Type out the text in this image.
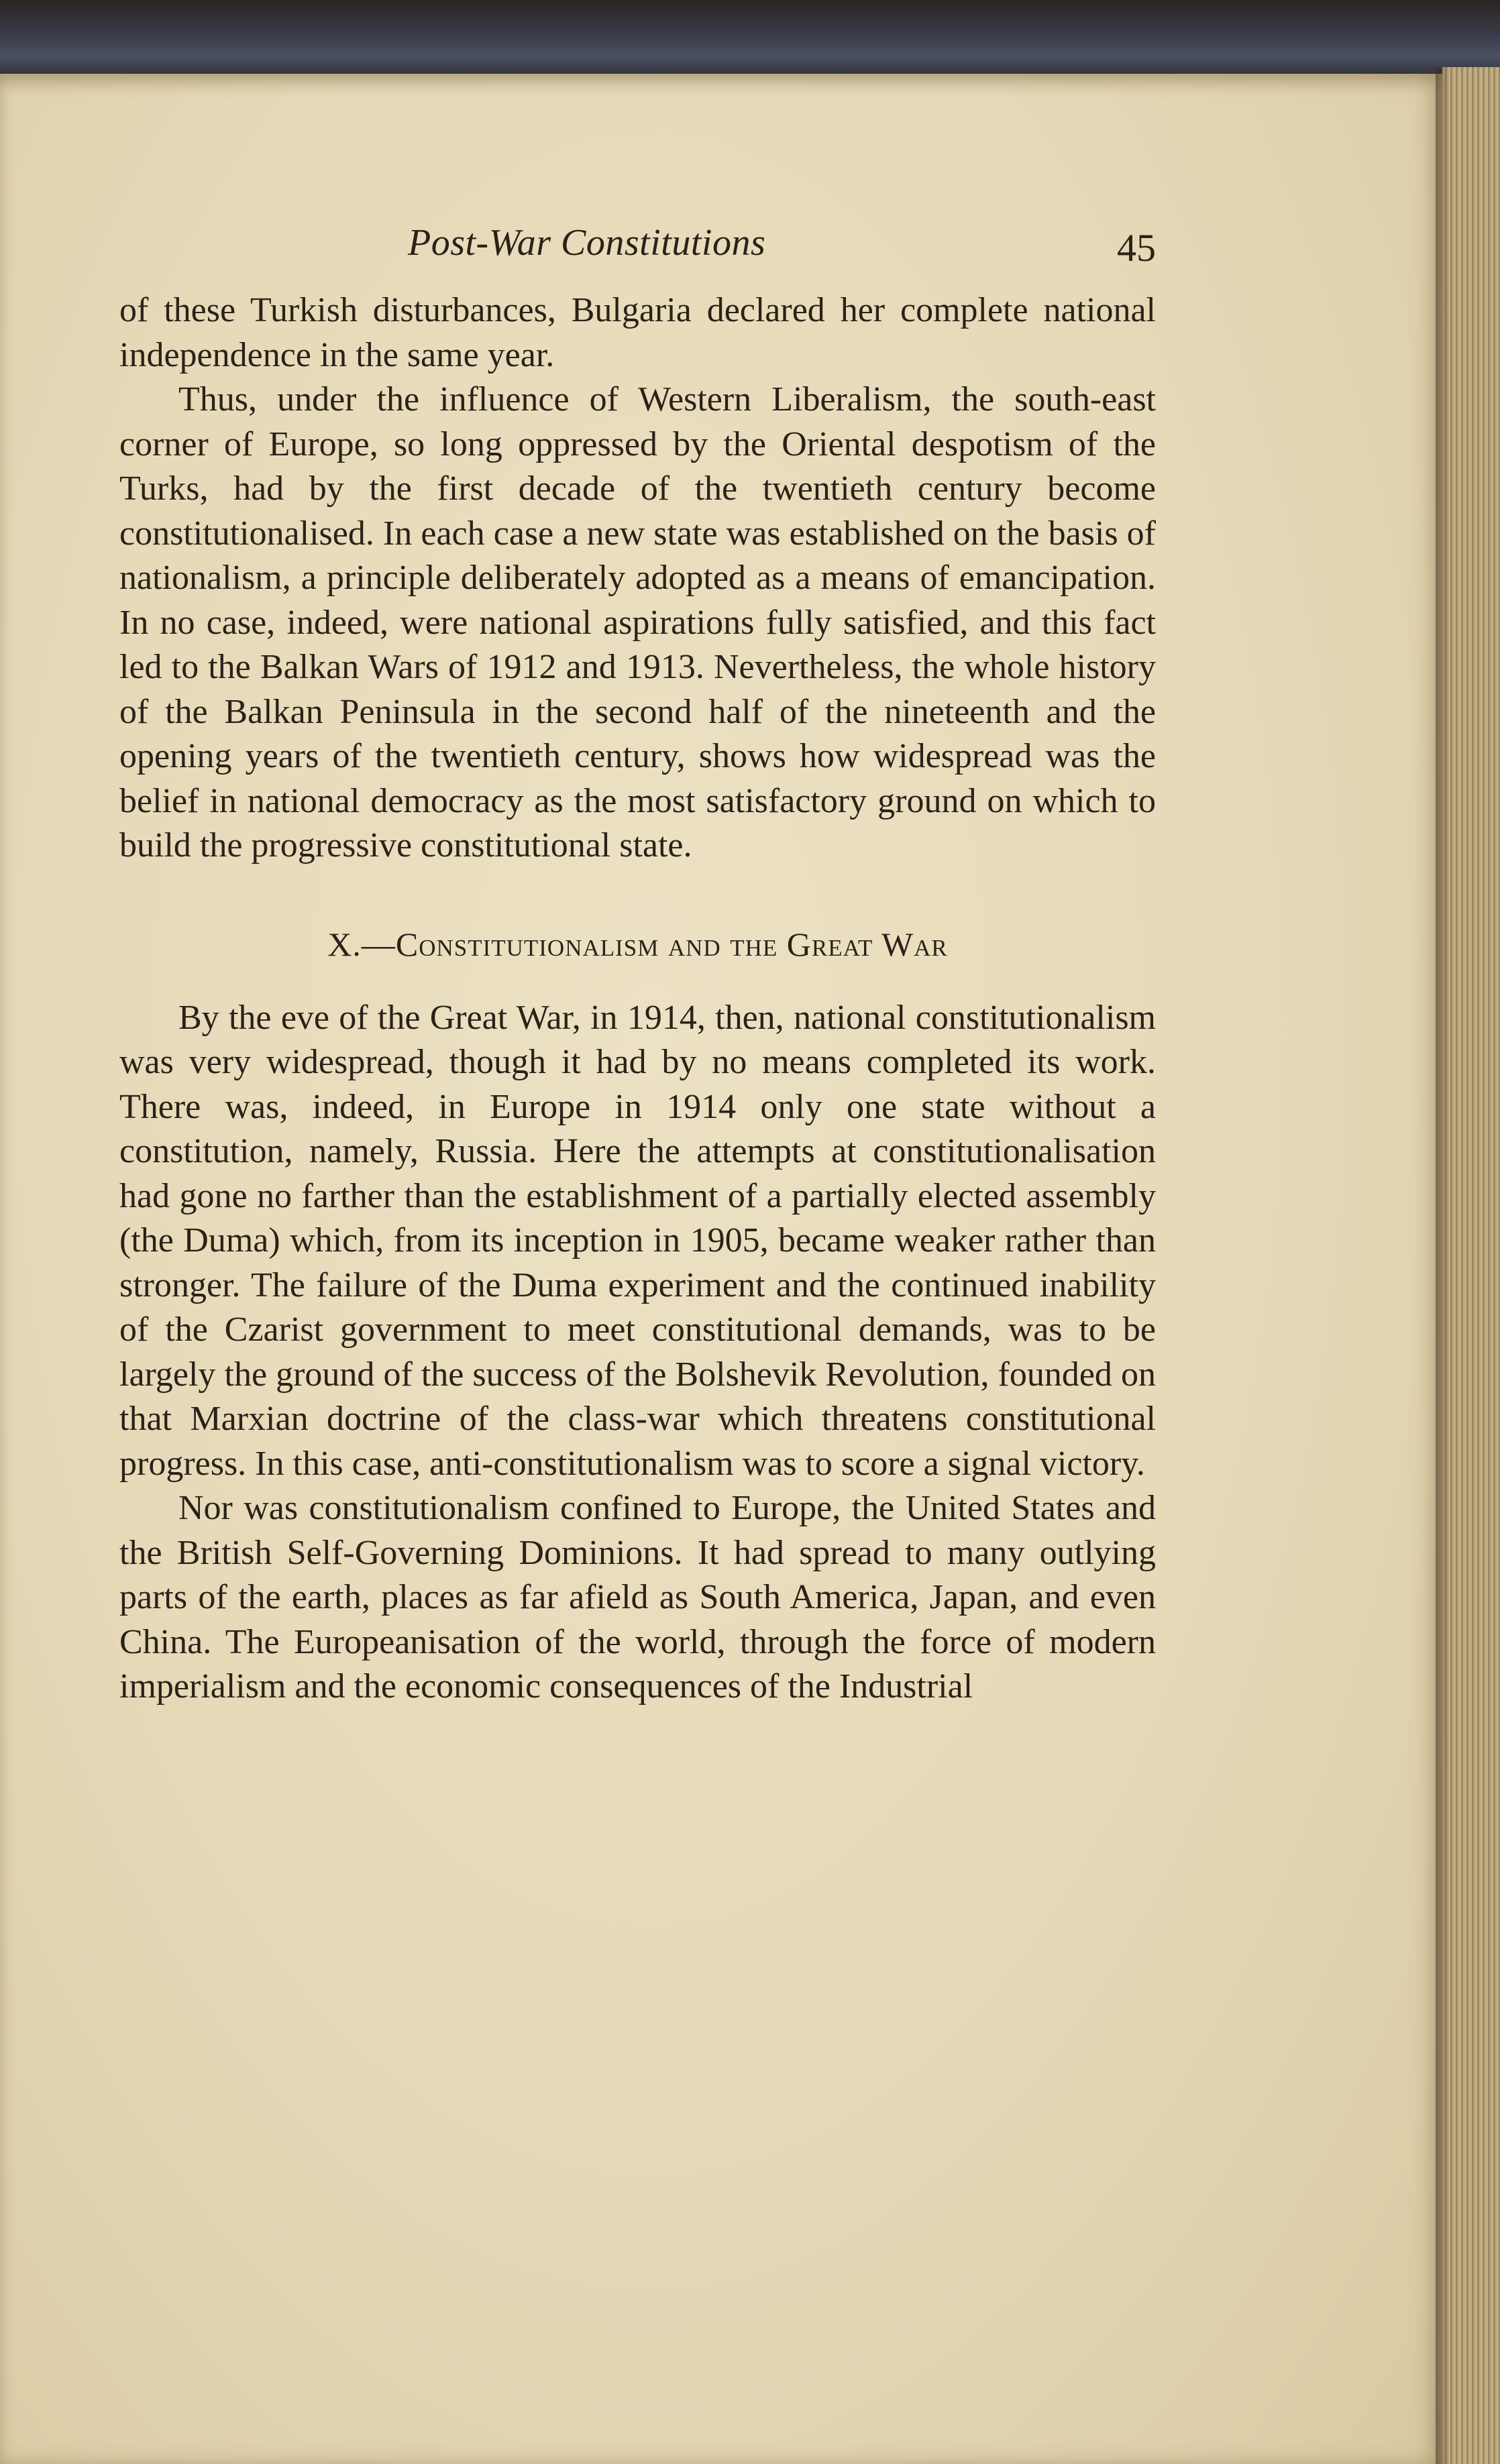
Post-War Constitutions	45

of these Turkish disturbances, Bulgaria declared her complete national independence in the same year.

Thus, under the influence of Western Liberalism, the south-east corner of Europe, so long oppressed by the Oriental despotism of the Turks, had by the first decade of the twentieth century become constitutionalised. In each case a new state was established on the basis of nationalism, a principle deliberately adopted as a means of emancipation. In no case, indeed, were national aspirations fully satisfied, and this fact led to the Balkan Wars of 1912 and 1913. Nevertheless, the whole history of the Balkan Peninsula in the second half of the nineteenth and the opening years of the twentieth century, shows how widespread was the belief in national democracy as the most satisfactory ground on which to build the progressive constitutional state.

X.—Constitutionalism and the Great War

By the eve of the Great War, in 1914, then, national constitutionalism was very widespread, though it had by no means completed its work. There was, indeed, in Europe in 1914 only one state without a constitution, namely, Russia. Here the attempts at constitutionalisation had gone no farther than the establishment of a partially elected assembly (the Duma) which, from its inception in 1905, became weaker rather than stronger. The failure of the Duma experiment and the continued inability of the Czarist government to meet constitutional demands, was to be largely the ground of the success of the Bolshevik Revolution, founded on that Marxian doctrine of the class-war which threatens constitutional progress. In this case, anti-constitutionalism was to score a signal victory.

Nor was constitutionalism confined to Europe, the United States and the British Self-Governing Dominions. It had spread to many outlying parts of the earth, places as far afield as South America, Japan, and even China. The Europeanisation of the world, through the force of modern imperialism and the economic consequences of the Industrial
